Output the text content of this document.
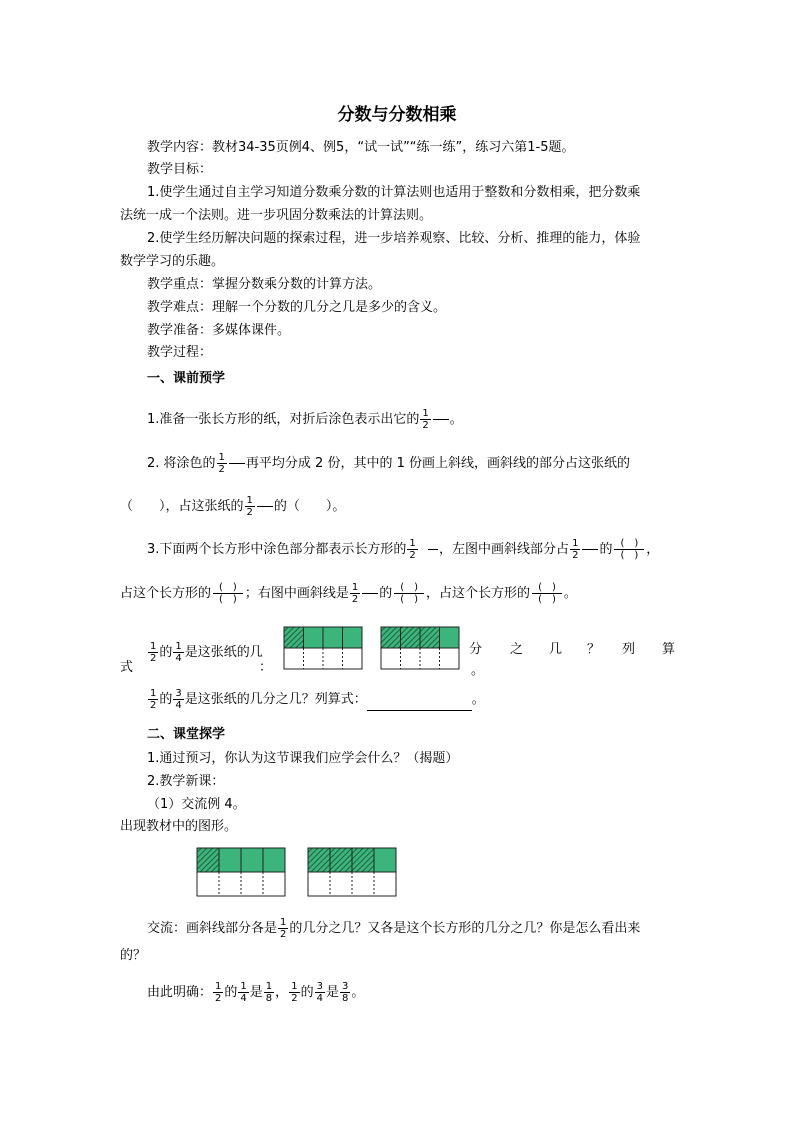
分数与分数相乘
教学内容：教材34-35页例4、例5，“试一试”“练一练”，练习六第1-5题。
教学目标：
1.使学生通过自主学习知道分数乘分数的计算法则也适用于整数和分数相乘，把分数乘
法统一成一个法则。进一步巩固分数乘法的计算法则。
2.使学生经历解决问题的探索过程，进一步培养观察、比较、分析、推理的能力，体验
数学学习的乐趣。
教学重点：掌握分数乘分数的计算方法。
教学难点：理解一个分数的几分之几是多少的含义。
教学准备：多媒体课件。
教学过程：
一、课前预学
1.准备一张长方形的纸，对折后涂色表示出它的 $\frac{1}{2}$ 。
2. 将涂色的 $\frac{1}{2}$ 再平均分成 2 份，其中的 1 份画上斜线，画斜线的部分占这张纸的
（　　），占这张纸的 $\frac{1}{2}$ 的（　　）。
3.下面两个长方形中涂色部分都表示长方形的 $\frac{1}{2}$ ，左图中画斜线部分占 $\frac{1}{2}$ 的 $\frac{( )}{( )}$ ，
占这个长方形的 $\frac{( )}{( )}$ ；右图中画斜线是 $\frac{1}{2}$ 的 $\frac{( )}{( )}$ ，占这个长方形的 $\frac{( )}{( )}$ 。
$\frac{1}{2}$ 的 $\frac{1}{4}$ 是这张纸的几
式	：
分 之 几 ？ 列 算
。
$\frac{1}{2}$ 的 $\frac{3}{4}$ 是这张纸的几分之几？列算式：	。
二、课堂探学
1.通过预习，你认为这节课我们应学会什么？（揭题）
2.教学新课：
（1）交流例 4。
出现教材中的图形。
交流：画斜线部分各是 $\frac{1}{2}$ 的几分之几？又各是这个长方形的几分之几？你是怎么看出来
的？
由此明确： $\frac{1}{2}$ 的 $\frac{1}{4}$ 是 $\frac{1}{8}$ ， $\frac{1}{2}$ 的 $\frac{3}{4}$ 是 $\frac{3}{8}$ 。
